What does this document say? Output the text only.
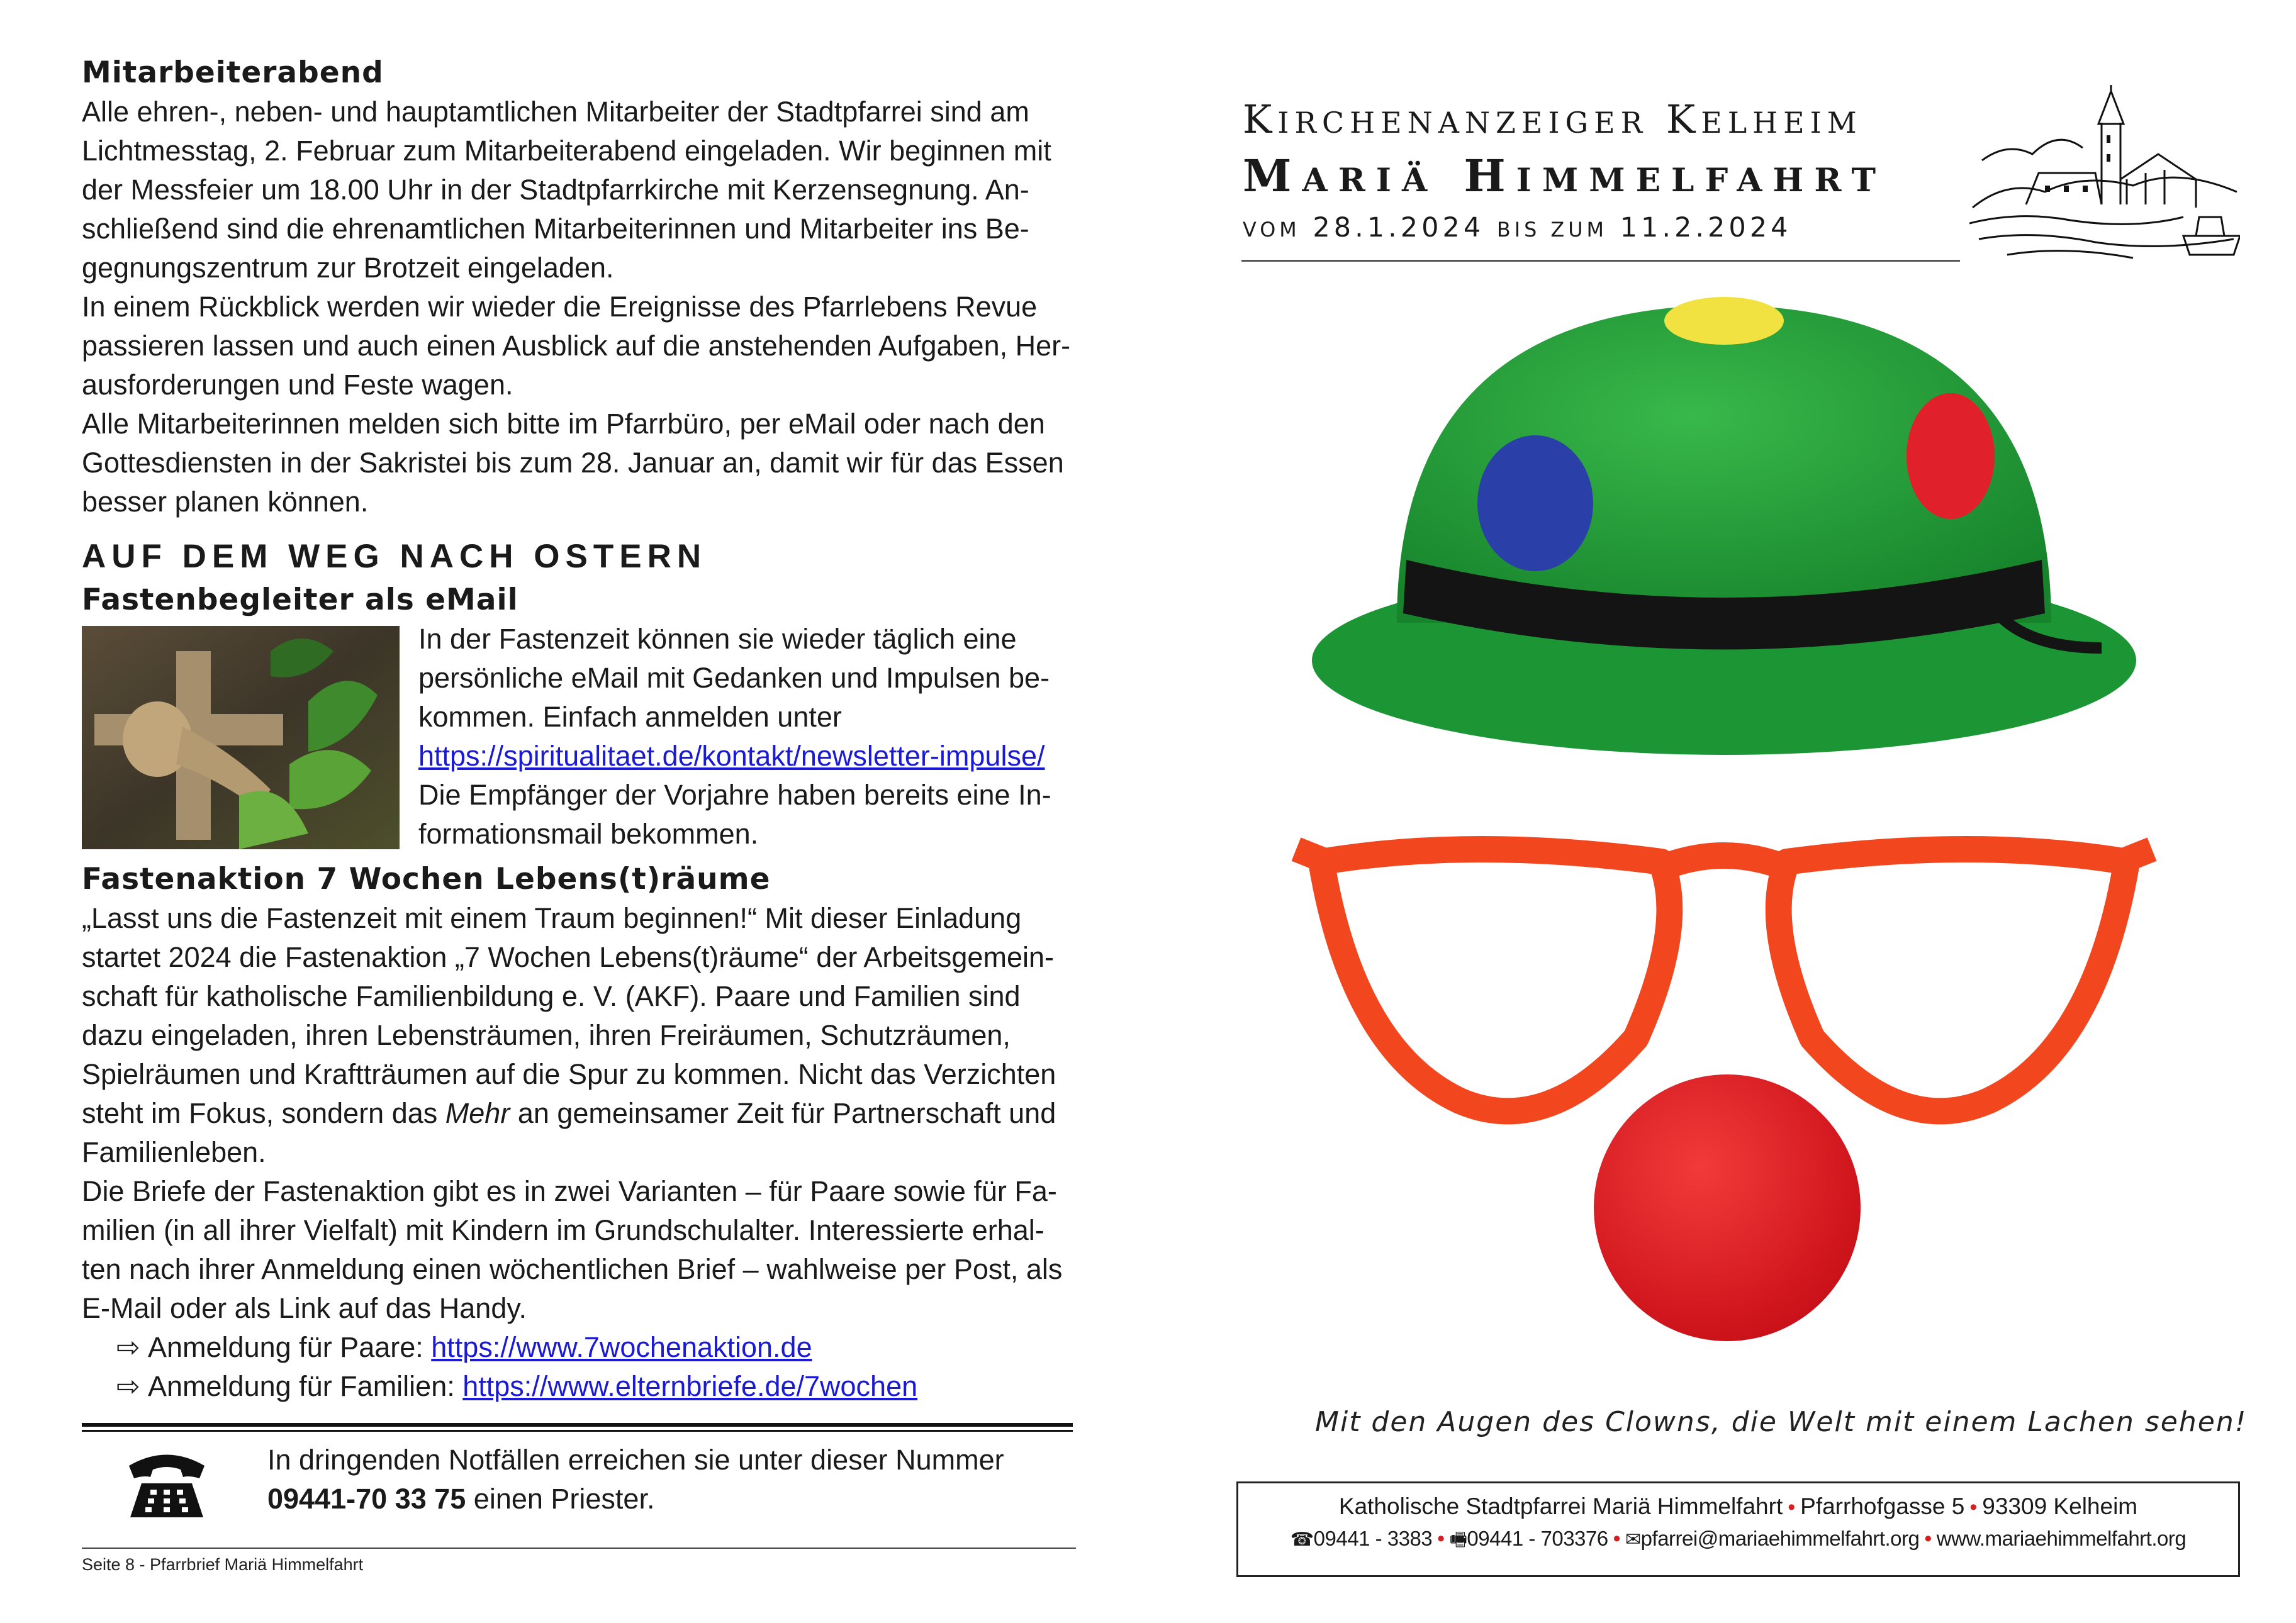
Mitarbeiterabend

Alle ehren-, neben- und hauptamtlichen Mitarbeiter der Stadtpfarrei sind am

Lichtmesstag, 2. Februar zum Mitarbeiterabend eingeladen. Wir beginnen mit

der Messfeier um 18.00 Uhr in der Stadtpfarrkirche mit Kerzensegnung. An-

schließend sind die ehrenamtlichen Mitarbeiterinnen und Mitarbeiter ins Be-

gegnungszentrum zur Brotzeit eingeladen.

In einem Rückblick werden wir wieder die Ereignisse des Pfarrlebens Revue

passieren lassen und auch einen Ausblick auf die anstehenden Aufgaben, Her-

ausforderungen und Feste wagen.

Alle Mitarbeiterinnen melden sich bitte im Pfarrbüro, per eMail oder nach den

Gottesdiensten in der Sakristei bis zum 28. Januar an, damit wir für das Essen

besser planen können.

AUF DEM WEG NACH OSTERN
Fastenbegleiter als eMail

In der Fastenzeit können sie wieder täglich eine

persönliche eMail mit Gedanken und Impulsen be-

kommen. Einfach anmelden unter

https://spiritualitaet.de/kontakt/newsletter-impulse/

Die Empfänger der Vorjahre haben bereits eine In-

formationsmail bekommen.

Fastenaktion 7 Wochen Lebens(t)räume

„Lasst uns die Fastenzeit mit einem Traum beginnen!“ Mit dieser Einladung

startet 2024 die Fastenaktion „7 Wochen Lebens(t)räume“ der Arbeitsgemein-

schaft für katholische Familienbildung e. V. (AKF). Paare und Familien sind

dazu eingeladen, ihren Lebensträumen, ihren Freiräumen, Schutzräumen,

Spielräumen und Kraftträumen auf die Spur zu kommen. Nicht das Verzichten

steht im Fokus, sondern das Mehr an gemeinsamer Zeit für Partnerschaft und

Familienleben.

Die Briefe der Fastenaktion gibt es in zwei Varianten – für Paare sowie für Fa-

milien (in all ihrer Vielfalt) mit Kindern im Grundschulalter. Interessierte erhal-

ten nach ihrer Anmeldung einen wöchentlichen Brief – wahlweise per Post, als

E-Mail oder als Link auf das Handy.

⇨ Anmeldung für Paare: https://www.7wochenaktion.de
⇨ Anmeldung für Familien: https://www.elternbriefe.de/7wochen
In dringenden Notfällen erreichen sie unter dieser Nummer
09441-70 33 75 einen Priester.
Seite 8 - Pfarrbrief Mariä Himmelfahrt
KIRCHENANZEIGER KELHEIM
MARIÄ HIMMELFAHRT
VOM 28.1.2024 BIS ZUM 11.2.2024
Mit den Augen des Clowns, die Welt mit einem Lachen sehen!
Katholische Stadtpfarrei Mariä Himmelfahrt • Pfarrhofgasse 5 • 93309 Kelheim
☎09441 - 3383 • 🖷09441 - 703376 • ✉pfarrei@mariaehimmelfahrt.org • www.mariaehimmelfahrt.org
